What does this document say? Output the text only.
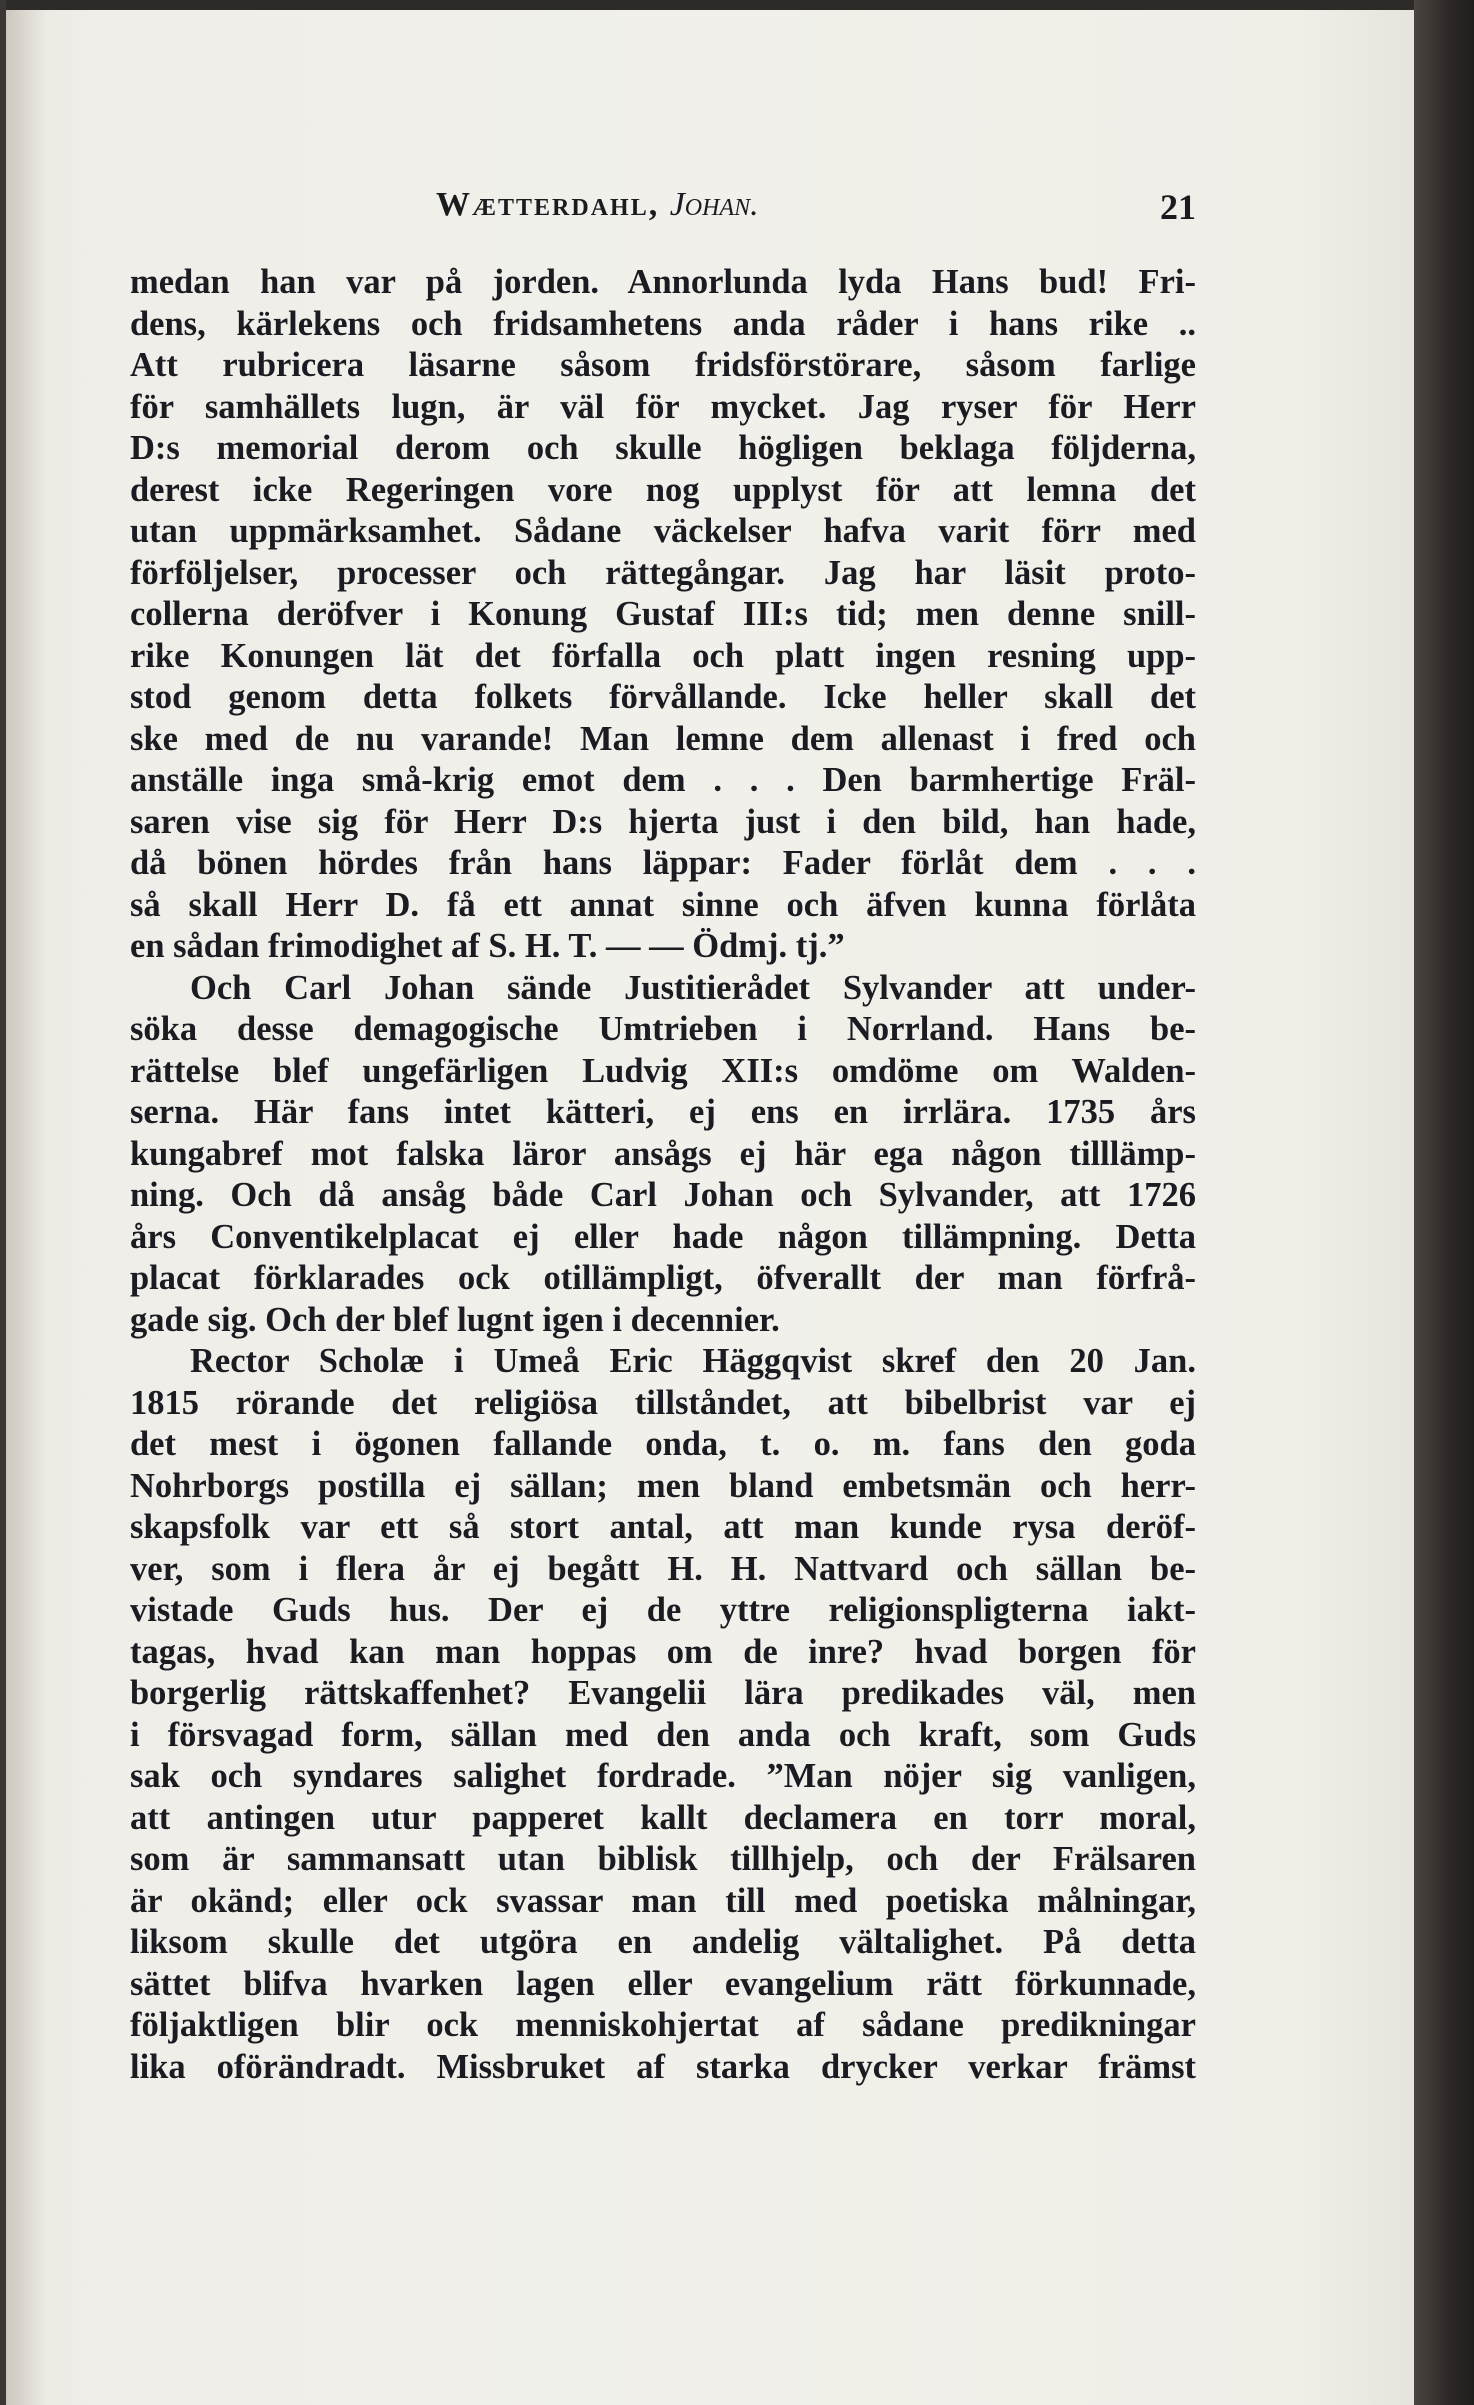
Wætterdahl, Johan.	21
medan han var på jorden. Annorlunda lyda Hans bud! Fri-
dens, kärlekens och fridsamhetens anda råder i hans rike ..
Att rubricera läsarne såsom fridsförstörare, såsom farlige
för samhällets lugn, är väl för mycket. Jag ryser för Herr
D:s memorial derom och skulle högligen beklaga följderna,
derest icke Regeringen vore nog upplyst för att lemna det
utan uppmärksamhet. Sådane väckelser hafva varit förr med
förföljelser, processer och rättegångar. Jag har läsit proto-
collerna deröfver i Konung Gustaf III:s tid; men denne snill-
rike Konungen lät det förfalla och platt ingen resning upp-
stod genom detta folkets förvållande. Icke heller skall det
ske med de nu varande! Man lemne dem allenast i fred och
anställe inga små-krig emot dem . . . Den barmhertige Fräl-
saren vise sig för Herr D:s hjerta just i den bild, han hade,
då bönen hördes från hans läppar: Fader förlåt dem . . .
så skall Herr D. få ett annat sinne och äfven kunna förlåta
en sådan frimodighet af S. H. T. — — Ödmj. tj.”
Och Carl Johan sände Justitierådet Sylvander att under-
söka desse demagogische Umtrieben i Norrland. Hans be-
rättelse blef ungefärligen Ludvig XII:s omdöme om Walden-
serna. Här fans intet kätteri, ej ens en irrlära. 1735 års
kungabref mot falska läror ansågs ej här ega någon tilllämp-
ning. Och då ansåg både Carl Johan och Sylvander, att 1726
års Conventikelplacat ej eller hade någon tillämpning. Detta
placat förklarades ock otillämpligt, öfverallt der man förfrå-
gade sig. Och der blef lugnt igen i decennier.
Rector Scholæ i Umeå Eric Häggqvist skref den 20 Jan.
1815 rörande det religiösa tillståndet, att bibelbrist var ej
det mest i ögonen fallande onda, t. o. m. fans den goda
Nohrborgs postilla ej sällan; men bland embetsmän och herr-
skapsfolk var ett så stort antal, att man kunde rysa deröf-
ver, som i flera år ej begått H. H. Nattvard och sällan be-
vistade Guds hus. Der ej de yttre religionspligterna iakt-
tagas, hvad kan man hoppas om de inre? hvad borgen för
borgerlig rättskaffenhet? Evangelii lära predikades väl, men
i försvagad form, sällan med den anda och kraft, som Guds
sak och syndares salighet fordrade. ”Man nöjer sig vanligen,
att antingen utur papperet kallt declamera en torr moral,
som är sammansatt utan biblisk tillhjelp, och der Frälsaren
är okänd; eller ock svassar man till med poetiska målningar,
liksom skulle det utgöra en andelig vältalighet. På detta
sättet blifva hvarken lagen eller evangelium rätt förkunnade,
följaktligen blir ock menniskohjertat af sådane predikningar
lika oförändradt. Missbruket af starka drycker verkar främst
